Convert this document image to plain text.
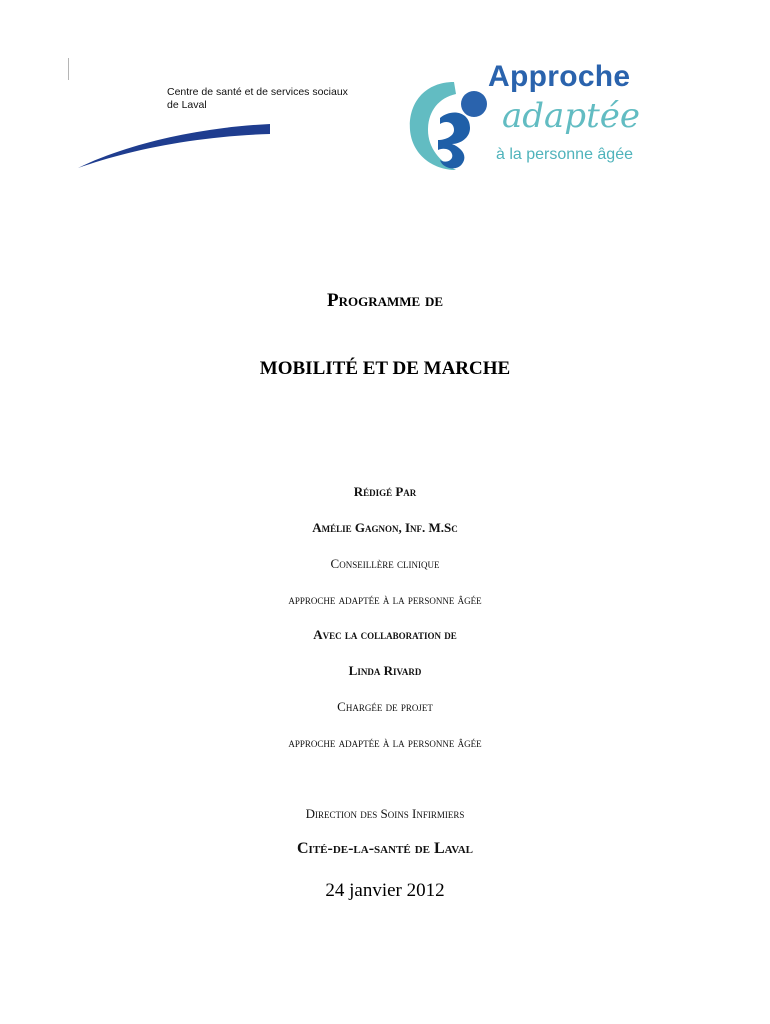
Centre de santé et de services sociaux
de Laval
Approche
adaptée
à la personne âgée
Programme de
MOBILITÉ ET DE MARCHE
Rédigé Par
Amélie Gagnon, Inf. M.Sc
Conseillère clinique
approche adaptée à la personne âgée
Avec la collaboration de
Linda Rivard
Chargée de projet
approche adaptée à la personne âgée
Direction des Soins Infirmiers
Cité-de-la-santé de Laval
24 janvier 2012
